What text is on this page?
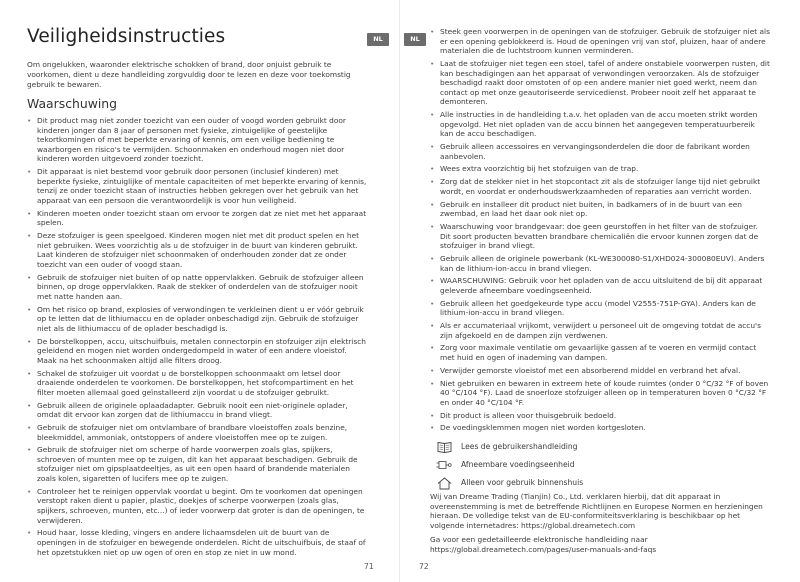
Veiligheidsinstructies	NL

Om ongelukken, waaronder elektrische schokken of brand, door onjuist gebruik te voorkomen, dient u deze handleiding zorgvuldig door te lezen en deze voor toekomstig gebruik te bewaren.

Waarschuwing
• Dit product mag niet zonder toezicht van een ouder of voogd worden gebruikt door kinderen jonger dan 8 jaar of personen met fysieke, zintuigelijke of geestelijke tekortkomingen of met beperkte ervaring of kennis, om een veilige bediening te waarborgen en risico's te vermijden. Schoonmaken en onderhoud mogen niet door kinderen worden uitgevoerd zonder toezicht.
• Dit apparaat is niet bestemd voor gebruik door personen (inclusief kinderen) met beperkte fysieke, zintuiglijke of mentale capaciteiten of met beperkte ervaring of kennis, tenzij ze onder toezicht staan of instructies hebben gekregen over het gebruik van het apparaat van een persoon die verantwoordelijk is voor hun veiligheid.
• Kinderen moeten onder toezicht staan om ervoor te zorgen dat ze niet met het apparaat spelen.
• Deze stofzuiger is geen speelgoed. Kinderen mogen niet met dit product spelen en het niet gebruiken. Wees voorzichtig als u de stofzuiger in de buurt van kinderen gebruikt. Laat kinderen de stofzuiger niet schoonmaken of onderhouden zonder dat ze onder toezicht van een ouder of voogd staan.
• Gebruik de stofzuiger niet buiten of op natte oppervlakken. Gebruik de stofzuiger alleen binnen, op droge oppervlakken. Raak de stekker of onderdelen van de stofzuiger nooit met natte handen aan.
• Om het risico op brand, explosies of verwondingen te verkleinen dient u er vóór gebruik op te letten dat de lithiumaccu en de oplader onbeschadigd zijn. Gebruik de stofzuiger niet als de lithiumaccu of de oplader beschadigd is.
• De borstelkoppen, accu, uitschuifbuis, metalen connectorpin en stofzuiger zijn elektrisch geleidend en mogen niet worden ondergedompeld in water of een andere vloeistof. Maak na het schoonmaken altijd alle filters droog.
• Schakel de stofzuiger uit voordat u de borstelkoppen schoonmaakt om letsel door draaiende onderdelen te voorkomen. De borstelkoppen, het stofcompartiment en het filter moeten allemaal goed geïnstalleerd zijn voordat u de stofzuiger gebruikt.
• Gebruik alleen de originele oplaadadapter. Gebruik nooit een niet-originele oplader, omdat dit ervoor kan zorgen dat de lithiumaccu in brand vliegt.
• Gebruik de stofzuiger niet om ontvlambare of brandbare vloeistoffen zoals benzine, bleekmiddel, ammoniak, ontstoppers of andere vloeistoffen mee op te zuigen.
• Gebruik de stofzuiger niet om scherpe of harde voorwerpen zoals glas, spijkers, schroeven of munten mee op te zuigen, dit kan het apparaat beschadigen. Gebruik de stofzuiger niet om gipsplaatdeeltjes, as uit een open haard of brandende materialen zoals kolen, sigaretten of lucifers mee op te zuigen.
• Controleer het te reinigen oppervlak voordat u begint. Om te voorkomen dat openingen verstopt raken dient u papier, plastic, doekjes of scherpe voorwerpen (zoals glas, spijkers, schroeven, munten, etc...) of ieder voorwerp dat groter is dan de openingen, te verwijderen.
• Houd haar, losse kleding, vingers en andere lichaamsdelen uit de buurt van de openingen in de stofzuiger en bewegende onderdelen. Richt de uitschuifbuis, de staaf of het opzetstukken niet op uw ogen of oren en stop ze niet in uw mond.
71
NL
• Steek geen voorwerpen in de openingen van de stofzuiger. Gebruik de stofzuiger niet als er een opening geblokkeerd is. Houd de openingen vrij van stof, pluizen, haar of andere materialen die de luchtstroom kunnen verminderen.
• Laat de stofzuiger niet tegen een stoel, tafel of andere onstabiele voorwerpen rusten, dit kan beschadigingen aan het apparaat of verwondingen veroorzaken. Als de stofzuiger beschadigd raakt door omstoten of op een andere manier niet goed werkt, neem dan contact op met onze geautoriseerde servicedienst. Probeer nooit zelf het apparaat te demonteren.
• Alle instructies in de handleiding t.a.v. het opladen van de accu moeten strikt worden opgevolgd. Het niet opladen van de accu binnen het aangegeven temperatuurbereik kan de accu beschadigen.
• Gebruik alleen accessoires en vervangingsonderdelen die door de fabrikant worden aanbevolen.
• Wees extra voorzichtig bij het stofzuigen van de trap.
• Zorg dat de stekker niet in het stopcontact zit als de stofzuiger lange tijd niet gebruikt wordt, en voordat er onderhoudswerkzaamheden of reparaties aan verricht worden.
• Gebruik en installeer dit product niet buiten, in badkamers of in de buurt van een zwembad, en laad het daar ook niet op.
• Waarschuwing voor brandgevaar: doe geen geurstoffen in het filter van de stofzuiger. Dit soort producten bevatten brandbare chemicaliën die ervoor kunnen zorgen dat de stofzuiger in brand vliegt.
• Gebruik alleen de originele powerbank (KL-WE300080-S1/XHD024-300080EUV). Anders kan de lithium-ion-accu in brand vliegen.
• WAARSCHUWING: Gebruik voor het opladen van de accu uitsluitend de bij dit apparaat geleverde afneembare voedingseenheid.
• Gebruik alleen het goedgekeurde type accu (model V2555-751P-GYA). Anders kan de lithium-ion-accu in brand vliegen.
• Als er accumateriaal vrijkomt, verwijdert u personeel uit de omgeving totdat de accu's zijn afgekoeld en de dampen zijn verdwenen.
• Zorg voor maximale ventilatie om gevaarlijke gassen af te voeren en vermijd contact met huid en ogen of inademing van dampen.
• Verwijder gemorste vloeistof met een absorberend middel en verbrand het afval.
• Niet gebruiken en bewaren in extreem hete of koude ruimtes (onder 0 °C/32 °F of boven 40 °C/104 °F). Laad de snoerloze stofzuiger alleen op in temperaturen boven 0 °C/32 °F en onder 40 °C/104 °F.
• Dit product is alleen voor thuisgebruik bedoeld.
• De voedingsklemmen mogen niet worden kortgesloten.
Lees de gebruikershandleiding
Afneembare voedingseenheid
Alleen voor gebruik binnenshuis

Wij van Dreame Trading (Tianjin) Co., Ltd. verklaren hierbij, dat dit apparaat in overeenstemming is met de betreffende Richtlijnen en Europese Normen en herzieningen hieraan. De volledige tekst van de EU-conformiteitsverklaring is beschikbaar op het volgende internetadres: https://global.dreametech.com

Ga voor een gedetailleerde elektronische handleiding naar https://global.dreametech.com/pages/user-manuals-and-faqs

72
